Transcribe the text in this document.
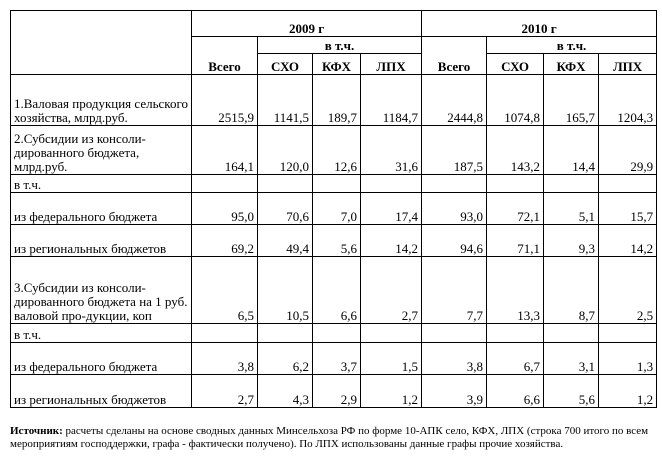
	2009 г				2010 г			
	Всего	в т.ч.			Всего	в т.ч.		
		СХО	КФХ	ЛПХ		СХО	КФХ	ЛПХ
1.Валовая продукция сельского хозяйства, млрд.руб.	2515,9	1141,5	189,7	1184,7	2444,8	1074,8	165,7	1204,3
2.Субсидии из консоли-дированного бюджета, млрд.руб.	164,1	120,0	12,6	31,6	187,5	143,2	14,4	29,9
в т.ч.								
из федерального бюджета	95,0	70,6	7,0	17,4	93,0	72,1	5,1	15,7
из региональных бюджетов	69,2	49,4	5,6	14,2	94,6	71,1	9,3	14,2
3.Субсидии из консоли-дированного бюджета на 1 руб. валовой про-дукции, коп	6,5	10,5	6,6	2,7	7,7	13,3	8,7	2,5
в т.ч.								
из федерального бюджета	3,8	6,2	3,7	1,5	3,8	6,7	3,1	1,3
из региональных бюджетов	2,7	4,3	2,9	1,2	3,9	6,6	5,6	1,2
Источник: расчеты сделаны на основе сводных данных Минсельхоза РФ по форме 10-АПК село, КФХ, ЛПХ (строка 700 итого по всем мероприятиям господдержки, графа - фактически получено). По ЛПХ использованы данные графы прочие хозяйства.
